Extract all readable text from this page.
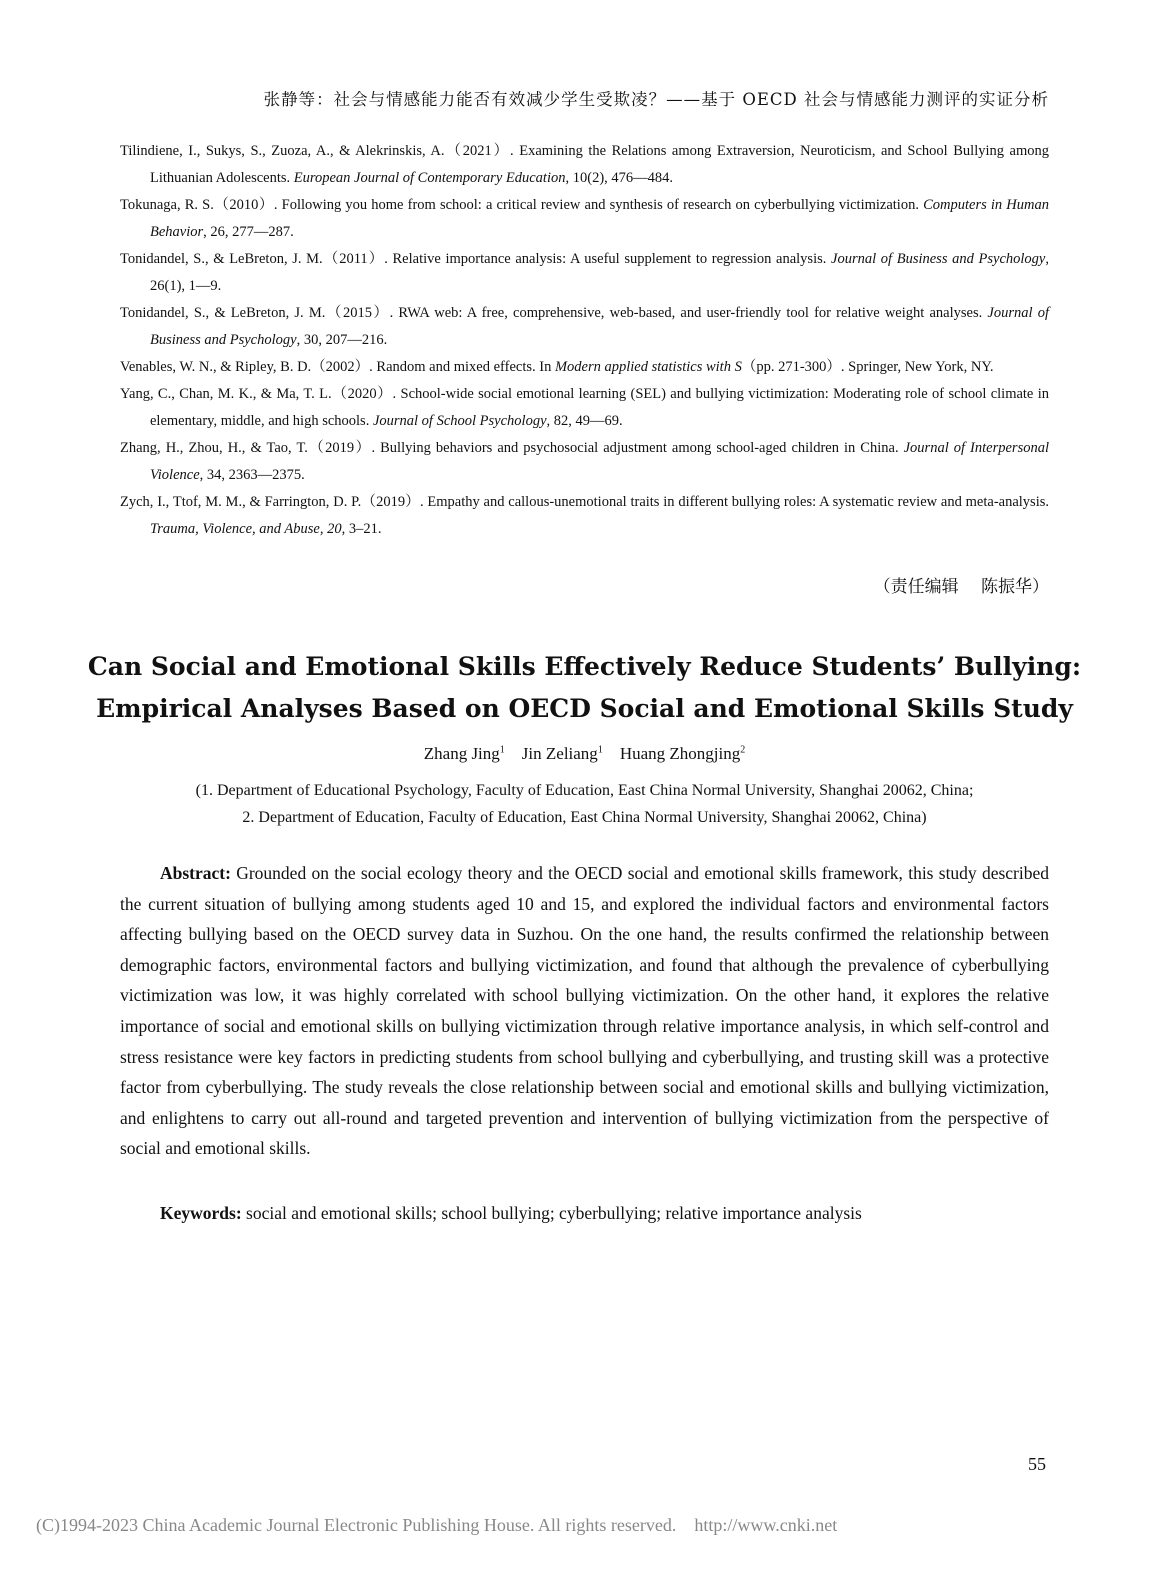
张静等：社会与情感能力能否有效减少学生受欺凌？——基于 OECD 社会与情感能力测评的实证分析

Tilindiene, I., Sukys, S., Zuoza, A., & Alekrinskis, A.（2021）. Examining the Relations among Extraversion, Neuroticism, and School Bullying among Lithuanian Adolescents. European Journal of Contemporary Education, 10(2), 476—484.

Tokunaga, R. S.（2010）. Following you home from school: a critical review and synthesis of research on cyberbullying victimization. Computers in Human Behavior, 26, 277—287.

Tonidandel, S., & LeBreton, J. M.（2011）. Relative importance analysis: A useful supplement to regression analysis. Journal of Business and Psychology, 26(1), 1—9.

Tonidandel, S., & LeBreton, J. M.（2015）. RWA web: A free, comprehensive, web-based, and user-friendly tool for relative weight analyses. Journal of Business and Psychology, 30, 207—216.

Venables, W. N., & Ripley, B. D.（2002）. Random and mixed effects. In Modern applied statistics with S（pp. 271-300）. Springer, New York, NY.

Yang, C., Chan, M. K., & Ma, T. L.（2020）. School-wide social emotional learning (SEL) and bullying victimization: Moderating role of school climate in elementary, middle, and high schools. Journal of School Psychology, 82, 49—69.

Zhang, H., Zhou, H., & Tao, T.（2019）. Bullying behaviors and psychosocial adjustment among school-aged children in China. Journal of Interpersonal Violence, 34, 2363—2375.

Zych, I., Ttof, M. M., & Farrington, D. P.（2019）. Empathy and callous-unemotional traits in different bullying roles: A systematic review and meta-analysis. Trauma, Violence, and Abuse, 20, 3–21.

（责任编辑　 陈振华）
Can Social and Emotional Skills Effectively Reduce Students’ Bullying:
Empirical Analyses Based on OECD Social and Emotional Skills Study
Zhang Jing$^1$ Jin Zeliang$^1$ Huang Zhongjing$^2$
(1. Department of Educational Psychology, Faculty of Education, East China Normal University, Shanghai 20062, China;
2. Department of Education, Faculty of Education, East China Normal University, Shanghai 20062, China)

Abstract: Grounded on the social ecology theory and the OECD social and emotional skills framework, this study described the current situation of bullying among students aged 10 and 15, and explored the individual factors and environmental factors affecting bullying based on the OECD survey data in Suzhou. On the one hand, the results confirmed the relationship between demographic factors, environmental factors and bullying victimization, and found that although the prevalence of cyberbullying victimization was low, it was highly correlated with school bullying victimization. On the other hand, it explores the relative importance of social and emotional skills on bullying victimization through relative importance analysis, in which self-control and stress resistance were key factors in predicting students from school bullying and cyberbullying, and trusting skill was a protective factor from cyberbullying. The study reveals the close relationship between social and emotional skills and bullying victimization, and enlightens to carry out all-round and targeted prevention and intervention of bullying victimization from the perspective of social and emotional skills.

Keywords: social and emotional skills; school bullying; cyberbullying; relative importance analysis

55
(C)1994-2023 China Academic Journal Electronic Publishing House. All rights reserved.    http://www.cnki.net
